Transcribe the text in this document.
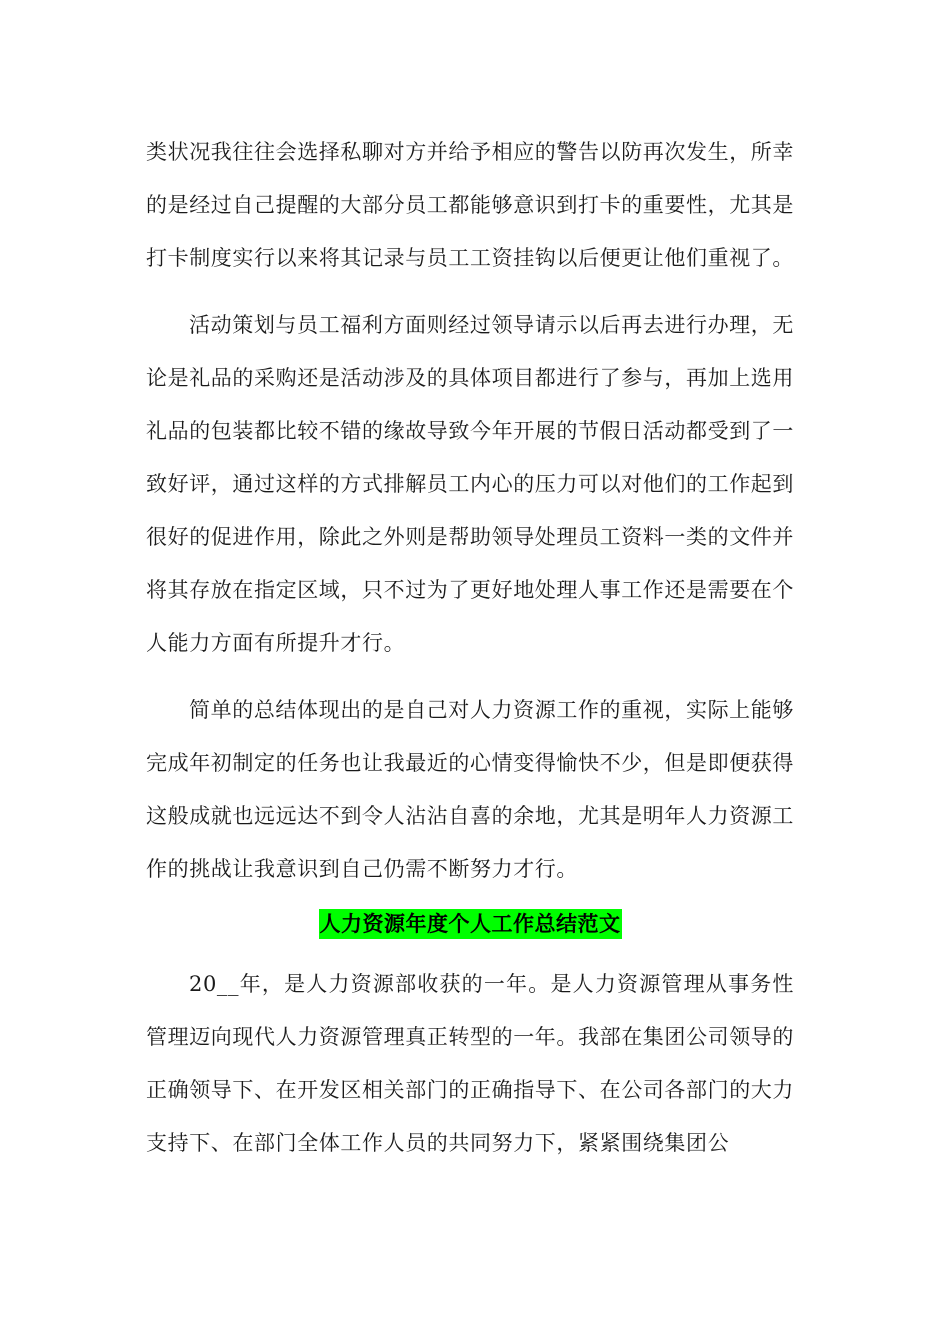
类状况我往往会选择私聊对方并给予相应的警告以防再次发生，所幸的是经过自己提醒的大部分员工都能够意识到打卡的重要性，尤其是打卡制度实行以来将其记录与员工工资挂钩以后便更让他们重视了。

活动策划与员工福利方面则经过领导请示以后再去进行办理，无论是礼品的采购还是活动涉及的具体项目都进行了参与，再加上选用礼品的包装都比较不错的缘故导致今年开展的节假日活动都受到了一致好评，通过这样的方式排解员工内心的压力可以对他们的工作起到很好的促进作用，除此之外则是帮助领导处理员工资料一类的文件并将其存放在指定区域，只不过为了更好地处理人事工作还是需要在个人能力方面有所提升才行。

简单的总结体现出的是自己对人力资源工作的重视，实际上能够完成年初制定的任务也让我最近的心情变得愉快不少，但是即便获得这般成就也远远达不到令人沾沾自喜的余地，尤其是明年人力资源工作的挑战让我意识到自己仍需不断努力才行。

人力资源年度个人工作总结范文

20__年，是人力资源部收获的一年。是人力资源管理从事务性管理迈向现代人力资源管理真正转型的一年。我部在集团公司领导的正确领导下、在开发区相关部门的正确指导下、在公司各部门的大力支持下、在部门全体工作人员的共同努力下，紧紧围绕集团公
